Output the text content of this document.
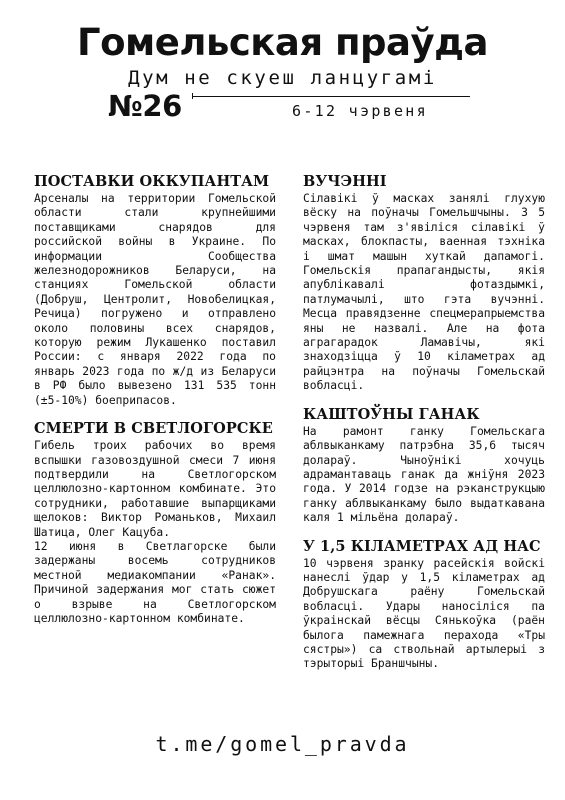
Гомельская праўда
Дум не скуеш ланцугамі
№26	6-12 чэрвеня
ПОСТАВКИ ОККУПАНТАМ
Арсеналы на территории Гомельской области стали крупнейшими поставщиками снарядов для российской войны в Украине. По информации Сообщества железнодорожников Беларуси, на станциях Гомельской области (Добруш, Центролит, Новобелицкая, Речица) погружено и отправлено около половины всех снарядов, которую режим Лукашенко поставил России: с января 2022 года по январь 2023 года по ж/д из Беларуси в РФ было вывезено 131 535 тонн (±5-10%) боеприпасов.
СМЕРТИ В СВЕТЛОГОРСКЕ
Гибель троих рабочих во время вспышки газовоздушной смеси 7 июня подтвердили на Светлогорском целлюлозно-картонном комбинате. Это сотрудники, работавшие выпарщиками щелоков: Виктор Романьков, Михаил Шатица, Олег Кацуба.
12 июня в Светлагорске были задержаны восемь сотрудников местной медиакомпании «Ранак». Причиной задержания мог стать сюжет о взрыве на Светлогорском целлюлозно-картонном комбинате.
ВУЧЭННІ
Сілавікі ў масках занялі глухую вёску на поўначы Гомельшчыны. З 5 чэрвеня там з'явіліся сілавікі ў масках, блокпасты, ваенная тэхніка і шмат машын хуткай дапамогі. Гомельскія прапагандысты, якія апублікавалі фотаздымкі, патлумачылі, што гэта вучэнні. Месца правядзенне спецмерапрыемства яны не назвалі. Але на фота аграгарадок Ламавічы, які знаходзіцца ў 10 кіламетрах ад райцэнтра на поўначы Гомельскай вобласці.
КАШТОЎНЫ ГАНАК
На рамонт ганку Гомельскага аблвыканкаму патрэбна 35,6 тысяч долараў. Чыноўнікі хочуць адрамантаваць ганак да жніўня 2023 года. У 2014 годзе на рэканструкцыю ганку аблвыканкаму было выдаткавана каля 1 мільёна долараў.
У 1,5 КІЛАМЕТРАХ АД НАС
10 чэрвеня зранку расейскія войскі нанеслі ўдар у 1,5 кіламетрах ад Добрушскага раёну Гомельскай вобласці. Удары наносіліся па ўкраінскай вёсцы Сянькоўка (раён былога памежнага перахода «Тры сястры») са ствольнай артылерыі з тэрыторыі Браншчыны.
t.me/gomel_pravda
